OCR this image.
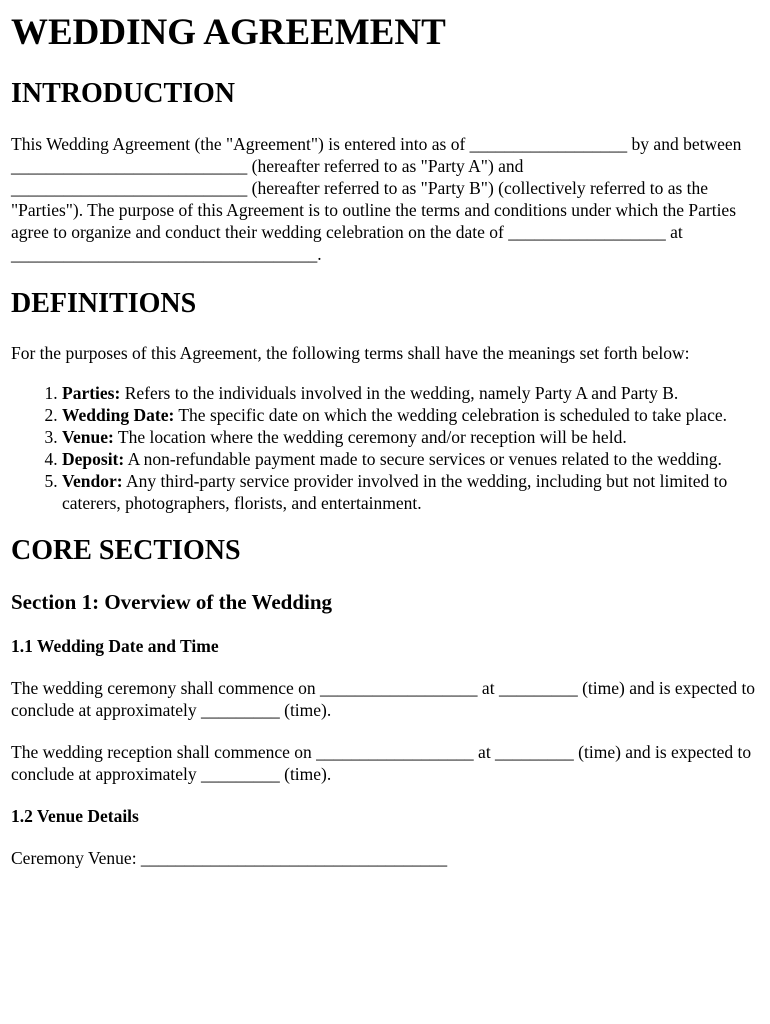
WEDDING AGREEMENT
INTRODUCTION

This Wedding Agreement (the "Agreement") is entered into as of __________________ by and between ___________________________ (hereafter referred to as "Party A") and ___________________________ (hereafter referred to as "Party B") (collectively referred to as the "Parties"). The purpose of this Agreement is to outline the terms and conditions under which the Parties agree to organize and conduct their wedding celebration on the date of __________________ at ___________________________________.

DEFINITIONS

For the purposes of this Agreement, the following terms shall have the meanings set forth below:

1. Parties: Refers to the individuals involved in the wedding, namely Party A and Party B.
2. Wedding Date: The specific date on which the wedding celebration is scheduled to take place.
3. Venue: The location where the wedding ceremony and/or reception will be held.
4. Deposit: A non-refundable payment made to secure services or venues related to the wedding.
5. Vendor: Any third-party service provider involved in the wedding, including but not limited to caterers, photographers, florists, and entertainment.
CORE SECTIONS
Section 1: Overview of the Wedding
1.1 Wedding Date and Time

The wedding ceremony shall commence on __________________ at _________ (time) and is expected to conclude at approximately _________ (time).

The wedding reception shall commence on __________________ at _________ (time) and is expected to conclude at approximately _________ (time).

1.2 Venue Details

Ceremony Venue: ___________________________________
